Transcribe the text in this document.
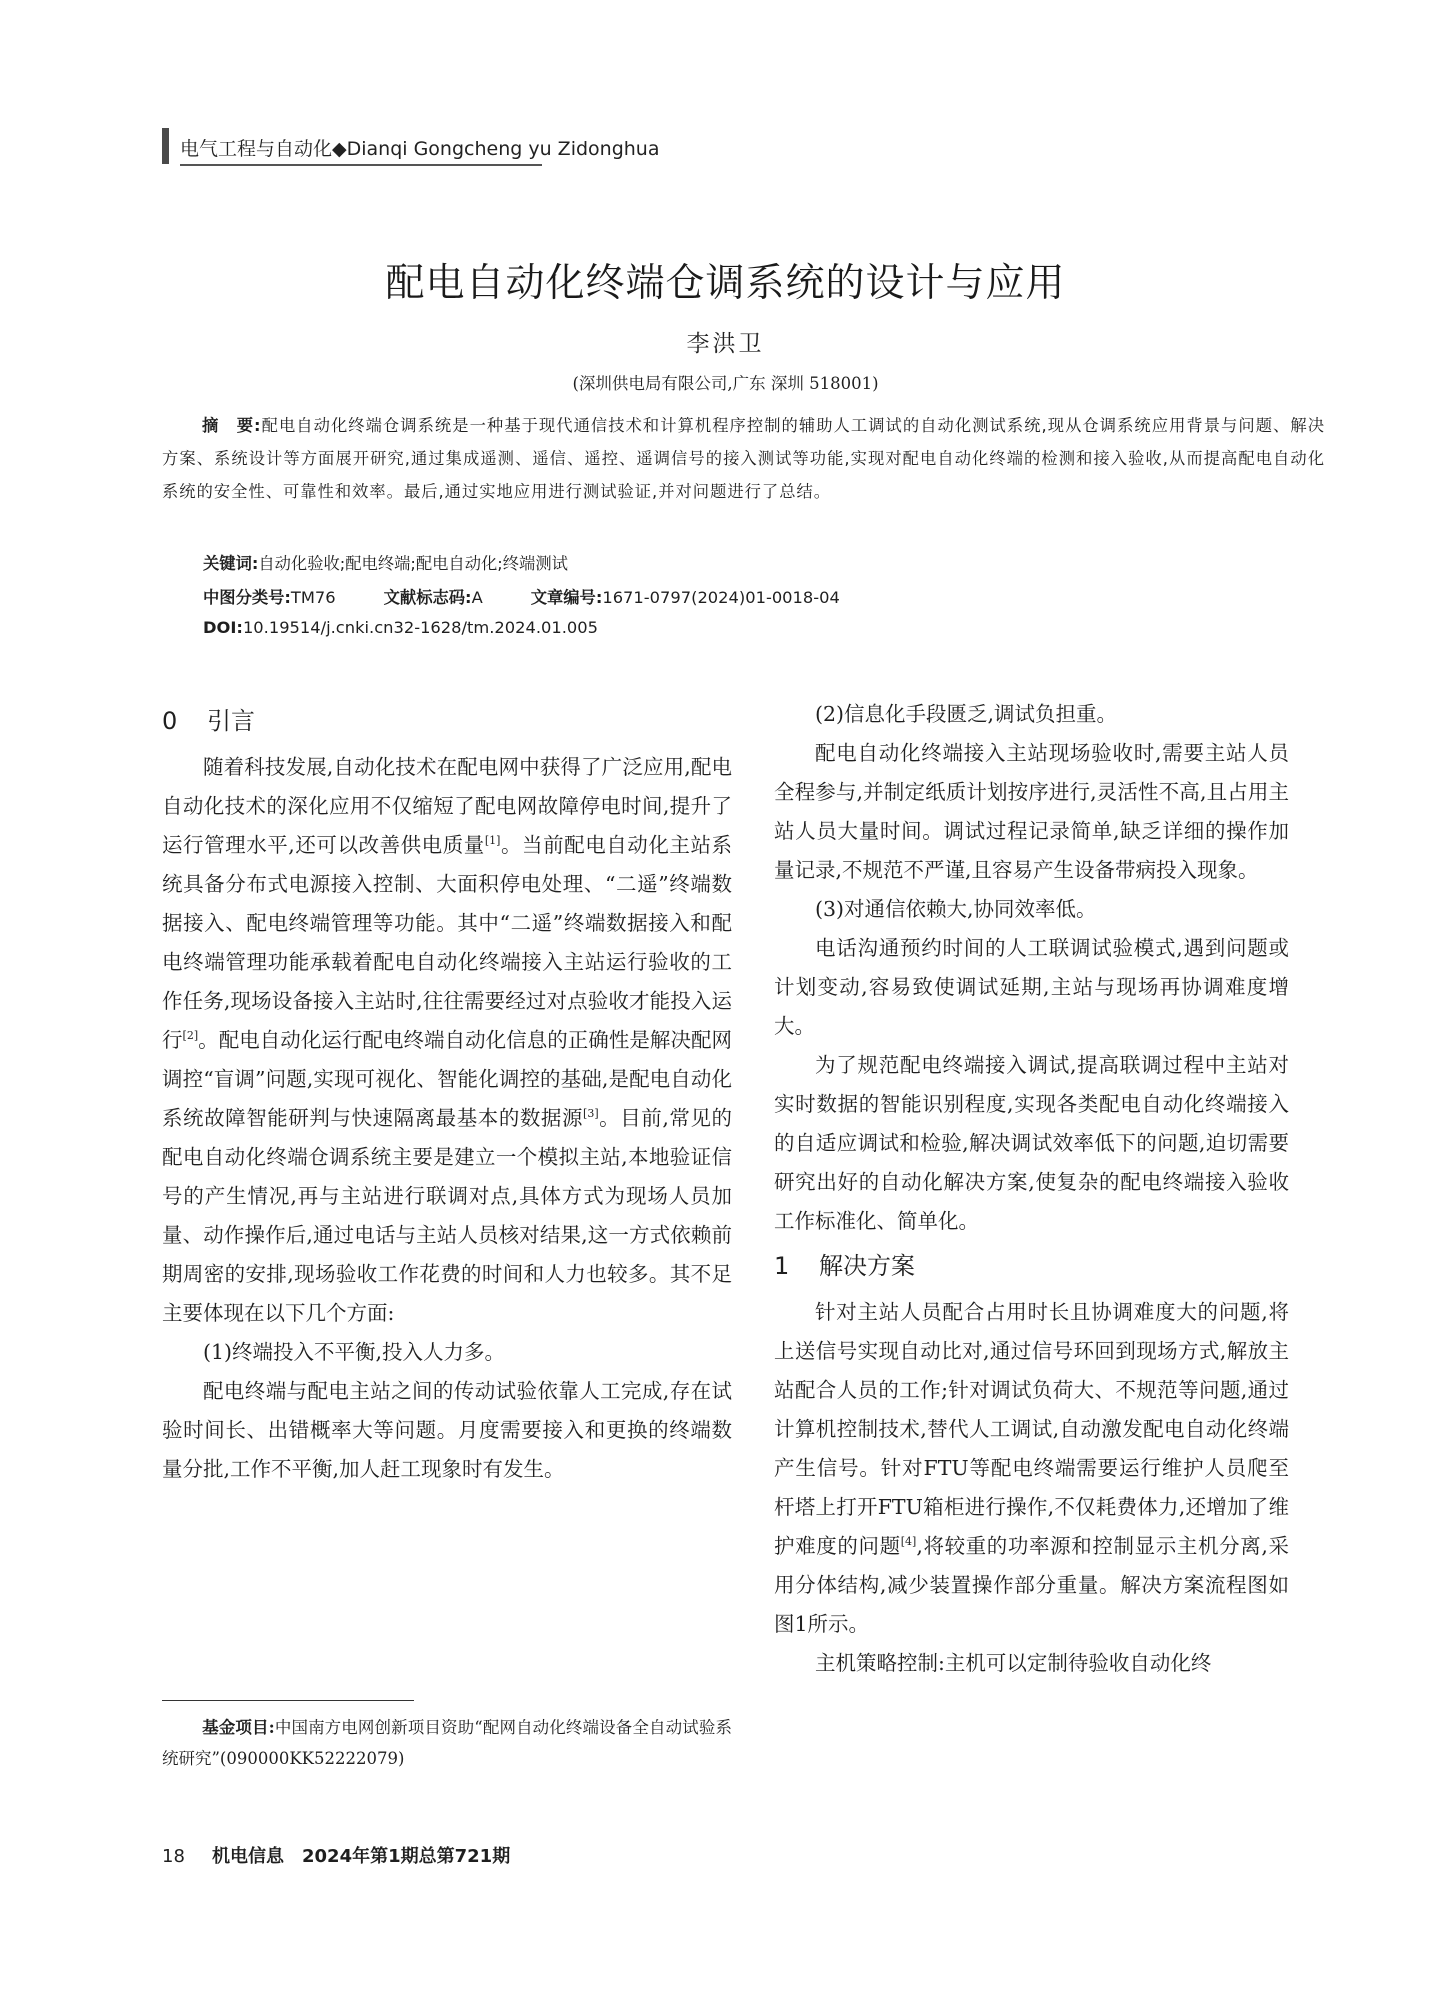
电气工程与自动化◆Dianqi Gongcheng yu Zidonghua
配电自动化终端仓调系统的设计与应用
李洪卫
(深圳供电局有限公司,广东 深圳 518001)
摘　要:配电自动化终端仓调系统是一种基于现代通信技术和计算机程序控制的辅助人工调试的自动化测试系统,现从仓调系统应用背景与问题、解决方案、系统设计等方面展开研究,通过集成遥测、遥信、遥控、遥调信号的接入测试等功能,实现对配电自动化终端的检测和接入验收,从而提高配电自动化系统的安全性、可靠性和效率。最后,通过实地应用进行测试验证,并对问题进行了总结。
关键词:自动化验收;配电终端;配电自动化;终端测试
中图分类号:TM76	文献标志码:A	文章编号:1671-0797(2024)01-0018-04
DOI:10.19514/j.cnki.cn32-1628/tm.2024.01.005
0 引言

随着科技发展,自动化技术在配电网中获得了广泛应用,配电自动化技术的深化应用不仅缩短了配电网故障停电时间,提升了运行管理水平,还可以改善供电质量[1]。当前配电自动化主站系统具备分布式电源接入控制、大面积停电处理、“二遥”终端数据接入、配电终端管理等功能。其中“二遥”终端数据接入和配电终端管理功能承载着配电自动化终端接入主站运行验收的工作任务,现场设备接入主站时,往往需要经过对点验收才能投入运行[2]。配电自动化运行配电终端自动化信息的正确性是解决配网调控“盲调”问题,实现可视化、智能化调控的基础,是配电自动化系统故障智能研判与快速隔离最基本的数据源[3]。目前,常见的配电自动化终端仓调系统主要是建立一个模拟主站,本地验证信号的产生情况,再与主站进行联调对点,具体方式为现场人员加量、动作操作后,通过电话与主站人员核对结果,这一方式依赖前期周密的安排,现场验收工作花费的时间和人力也较多。其不足主要体现在以下几个方面:

(1)终端投入不平衡,投入人力多。

配电终端与配电主站之间的传动试验依靠人工完成,存在试验时间长、出错概率大等问题。月度需要接入和更换的终端数量分批,工作不平衡,加人赶工现象时有发生。

(2)信息化手段匮乏,调试负担重。

配电自动化终端接入主站现场验收时,需要主站人员全程参与,并制定纸质计划按序进行,灵活性不高,且占用主站人员大量时间。调试过程记录简单,缺乏详细的操作加量记录,不规范不严谨,且容易产生设备带病投入现象。

(3)对通信依赖大,协同效率低。

电话沟通预约时间的人工联调试验模式,遇到问题或计划变动,容易致使调试延期,主站与现场再协调难度增大。

为了规范配电终端接入调试,提高联调过程中主站对实时数据的智能识别程度,实现各类配电自动化终端接入的自适应调试和检验,解决调试效率低下的问题,迫切需要研究出好的自动化解决方案,使复杂的配电终端接入验收工作标准化、简单化。

1 解决方案

针对主站人员配合占用时长且协调难度大的问题,将上送信号实现自动比对,通过信号环回到现场方式,解放主站配合人员的工作;针对调试负荷大、不规范等问题,通过计算机控制技术,替代人工调试,自动激发配电自动化终端产生信号。针对FTU等配电终端需要运行维护人员爬至杆塔上打开FTU箱柜进行操作,不仅耗费体力,还增加了维护难度的问题[4],将较重的功率源和控制显示主机分离,采用分体结构,减少装置操作部分重量。解决方案流程图如图1所示。

主机策略控制:主机可以定制待验收自动化终

基金项目:中国南方电网创新项目资助“配网自动化终端设备全自动试验系统研究”(090000KK52222079)
18 机电信息　2024年第1期总第721期
